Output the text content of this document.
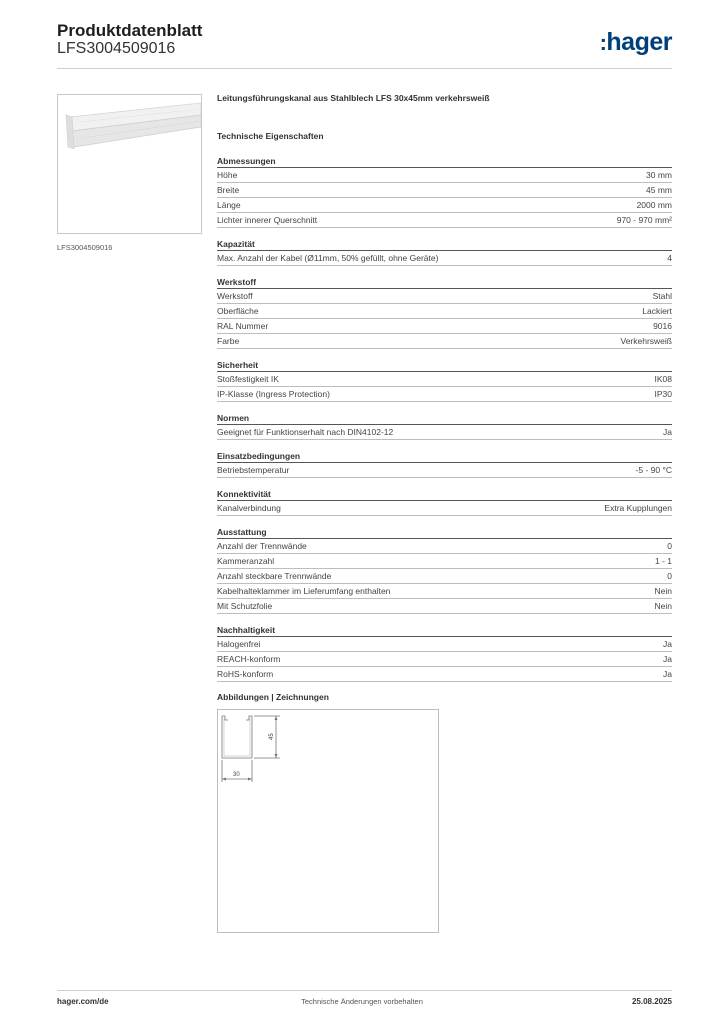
Produktdatenblatt
LFS3004509016	:hager
LFS3004509016
Leitungsführungskanal aus Stahlblech LFS 30x45mm verkehrsweiß
Technische Eigenschaften
Abmessungen
Höhe	30 mm
Breite	45 mm
Länge	2000 mm
Lichter innerer Querschnitt	970 - 970 mm²
Kapazität
Max. Anzahl der Kabel (Ø11mm, 50% gefüllt, ohne Geräte)	4
Werkstoff
Werkstoff	Stahl
Oberfläche	Lackiert
RAL Nummer	9016
Farbe	Verkehrsweiß
Sicherheit
Stoßfestigkeit IK	IK08
IP-Klasse (Ingress Protection)	IP30
Normen
Geeignet für Funktionserhalt nach DIN4102-12	Ja
Einsatzbedingungen
Betriebstemperatur	-5 - 90 °C
Konnektivität
Kanalverbindung	Extra Kupplungen
Ausstattung
Anzahl der Trennwände	0
Kammeranzahl	1 - 1
Anzahl steckbare Trennwände	0
Kabelhalteklammer im Lieferumfang enthalten	Nein
Mit Schutzfolie	Nein
Nachhaltigkeit
Halogenfrei	Ja
REACH-konform	Ja
RoHS-konform	Ja
Abbildungen | Zeichnungen
45
30
hager.com/de	Technische Änderungen vorbehalten	25.08.2025
